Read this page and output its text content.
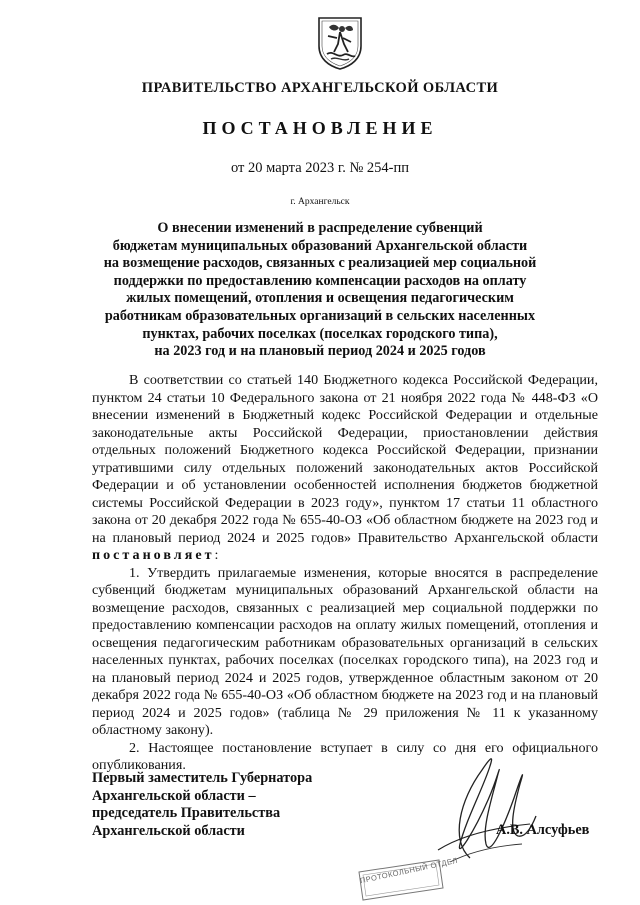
ПРАВИТЕЛЬСТВО АРХАНГЕЛЬСКОЙ ОБЛАСТИ
ПОСТАНОВЛЕНИЕ
от 20 марта 2023 г. № 254-пп
г. Архангельск
О внесении изменений в распределение субвенций
бюджетам муниципальных образований Архангельской области
на возмещение расходов, связанных с реализацией мер социальной
поддержки по предоставлению компенсации расходов на оплату
жилых помещений, отопления и освещения педагогическим
работникам образовательных организаций в сельских населенных
пунктах, рабочих поселках (поселках городского типа),
на 2023 год и на плановый период 2024 и 2025 годов

В соответствии со статьей 140 Бюджетного кодекса Российской Федерации, пунктом 24 статьи 10 Федерального закона от 21 ноября 2022 года № 448-ФЗ «О внесении изменений в Бюджетный кодекс Российской Федерации и отдельные законодательные акты Российской Федерации, приостановлении действия отдельных положений Бюджетного кодекса Российской Федерации, признании утратившими силу отдельных положений законодательных актов Российской Федерации и об установлении особенностей исполнения бюджетов бюджетной системы Российской Федерации в 2023 году», пунктом 17 статьи 11 областного закона от 20 декабря 2022 года № 655-40-ОЗ «Об областном бюджете на 2023 год и на плановый период 2024 и 2025 годов» Правительство Архангельской области постановляет:

1. Утвердить прилагаемые изменения, которые вносятся в распределение субвенций бюджетам муниципальных образований Архангельской области на возмещение расходов, связанных с реализацией мер социальной поддержки по предоставлению компенсации расходов на оплату жилых помещений, отопления и освещения педагогическим работникам образовательных организаций в сельских населенных пунктах, рабочих поселках (поселках городского типа), на 2023 год и на плановый период 2024 и 2025 годов, утвержденное областным законом от 20 декабря 2022 года № 655-40-ОЗ «Об областном бюджете на 2023 год и на плановый период 2024 и 2025 годов» (таблица № 29 приложения № 11 к указанному областному закону).

2. Настоящее постановление вступает в силу со дня его официального опубликования.

Первый заместитель Губернатора
Архангельской области –
председатель Правительства
Архангельской области
ПРОТОКОЛЬНЫЙ ОТДЕЛ
А.В. Алсуфьев
